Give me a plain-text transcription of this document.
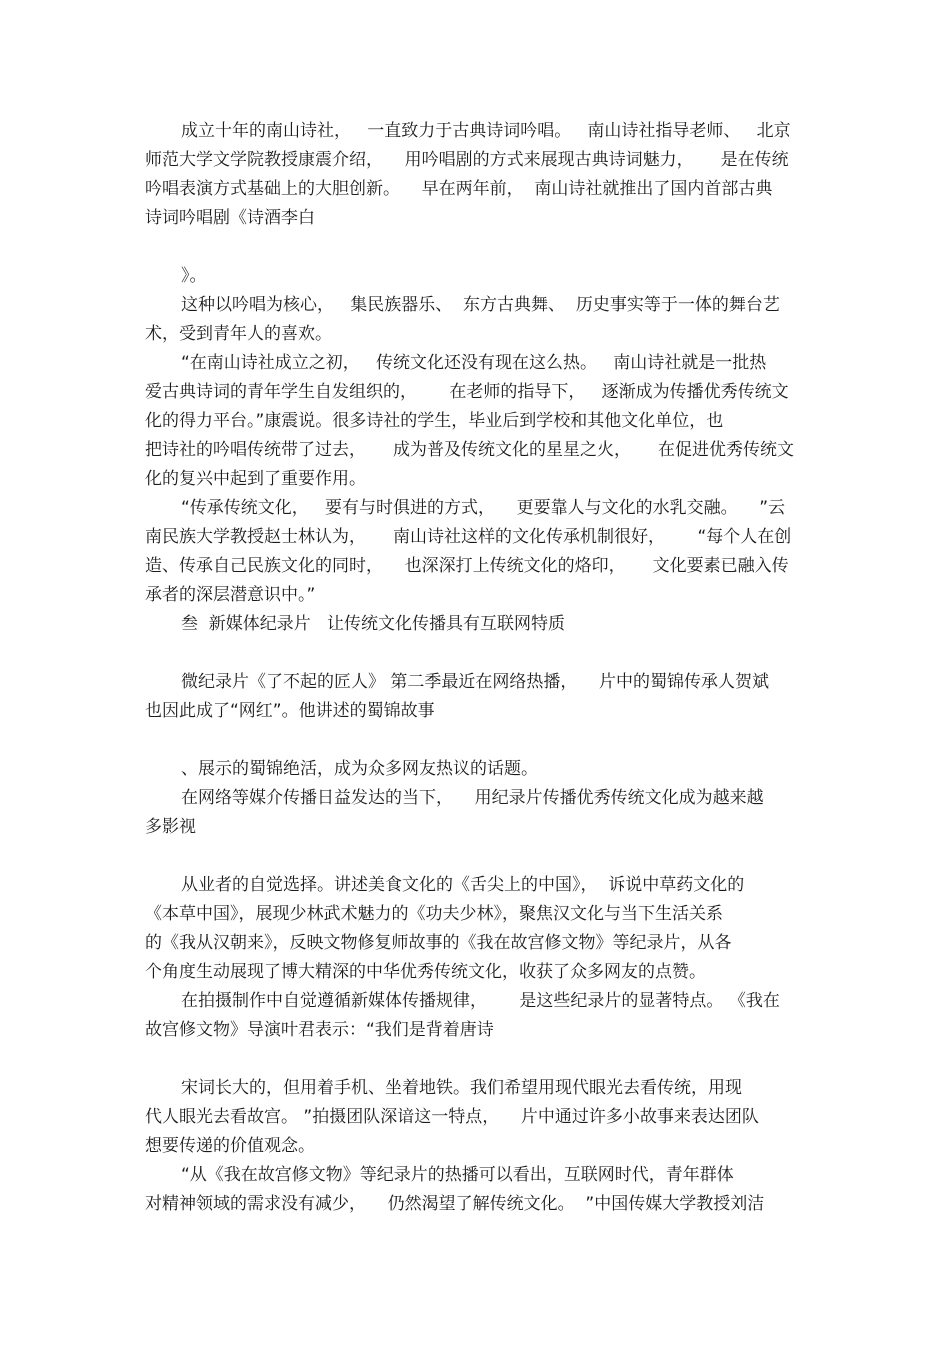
成立十年的南山诗社，   一直致力于古典诗词吟唱。   南山诗社指导老师、   北京
师范大学文学院教授康震介绍，    用吟唱剧的方式来展现古典诗词魅力，     是在传统
吟唱表演方式基础上的大胆创新。    早在两年前，  南山诗社就推出了国内首部古典
诗词吟唱剧《诗酒李白
》。
这种以吟唱为核心，   集民族器乐、  东方古典舞、  历史事实等于一体的舞台艺
术，受到青年人的喜欢。
“在南山诗社成立之初，   传统文化还没有现在这么热。   南山诗社就是一批热
爱古典诗词的青年学生自发组织的，      在老师的指导下，   逐渐成为传播优秀传统文
化的得力平台。”康震说。很多诗社的学生，毕业后到学校和其他文化单位，也
把诗社的吟唱传统带了过去，     成为普及传统文化的星星之火，     在促进优秀传统文
化的复兴中起到了重要作用。
“传承传统文化，   要有与时俱进的方式，    更要靠人与文化的水乳交融。    ”云
南民族大学教授赵士林认为，     南山诗社这样的文化传承机制很好，      “每个人在创
造、传承自己民族文化的同时，    也深深打上传统文化的烙印，     文化要素已融入传
承者的深层潜意识中。”
叁  新媒体纪录片   让传统文化传播具有互联网特质
微纪录片《了不起的匠人》 第二季最近在网络热播，    片中的蜀锦传承人贺斌
也因此成了“网红”。他讲述的蜀锦故事
、展示的蜀锦绝活，成为众多网友热议的话题。
在网络等媒介传播日益发达的当下，    用纪录片传播优秀传统文化成为越来越
多影视
从业者的自觉选择。讲述美食文化的《舌尖上的中国》，  诉说中草药文化的
《本草中国》，展现少林武术魅力的《功夫少林》，聚焦汉文化与当下生活关系
的《我从汉朝来》，反映文物修复师故事的《我在故宫修文物》等纪录片，从各
个角度生动展现了博大精深的中华优秀传统文化，收获了众多网友的点赞。
在拍摄制作中自觉遵循新媒体传播规律，      是这些纪录片的显著特点。 《我在
故宫修文物》导演叶君表示：“我们是背着唐诗
宋词长大的，但用着手机、坐着地铁。我们希望用现代眼光去看传统，用现
代人眼光去看故宫。 ”拍摄团队深谙这一特点，    片中通过许多小故事来表达团队
想要传递的价值观念。
“从《我在故宫修文物》等纪录片的热播可以看出，互联网时代，青年群体
对精神领域的需求没有减少，    仍然渴望了解传统文化。  ”中国传媒大学教授刘洁
